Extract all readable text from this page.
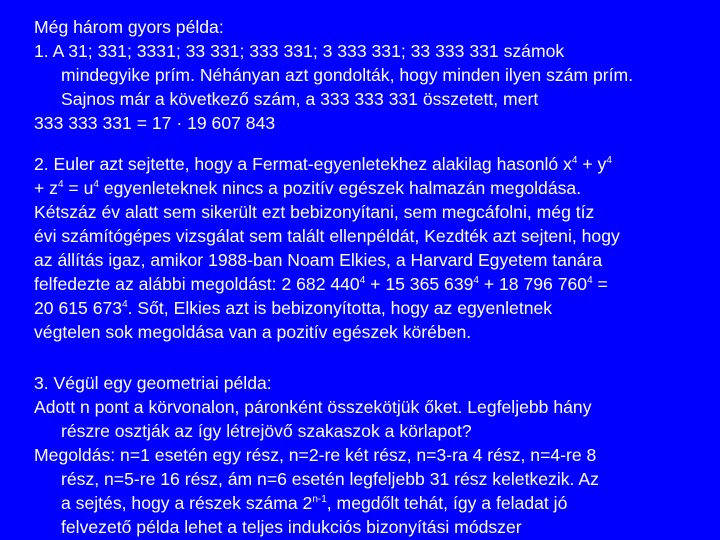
Még három gyors példa:
1. A 31; 331; 3331; 33 331; 333 331; 3 333 331; 33 333 331 számok
mindegyike prím. Néhányan azt gondolták, hogy minden ilyen szám prím.
Sajnos már a következő szám, a 333 333 331 összetett, mert
333 333 331 = 17 · 19 607 843
2. Euler azt sejtette, hogy a Fermat-egyenletekhez alakilag hasonló $x^4 + y^4$
+ $z^4 = u^4$ egyenleteknek nincs a pozitív egészek halmazán megoldása.
Kétszáz év alatt sem sikerült ezt bebizonyítani, sem megcáfolni, még tíz
évi számítógépes vizsgálat sem talált ellenpéldát, Kezdték azt sejteni, hogy
az állítás igaz, amikor 1988-ban Noam Elkies, a Harvard Egyetem tanára
felfedezte az alábbi megoldást: 2 682 $440^4 + 15$ 365 $639^4 + 18$ 796 $760^4$ =
20 615 $673^4$. Sőt, Elkies azt is bebizonyította, hogy az egyenletnek
végtelen sok megoldása van a pozitív egészek körében.
3. Végül egy geometriai példa:
Adott n pont a körvonalon, páronként összekötjük őket. Legfeljebb hány
részre osztják az így létrejövő szakaszok a körlapot?
Megoldás: n=1 esetén egy rész, n=2-re két rész, n=3-ra 4 rész, n=4-re 8
rész, n=5-re 16 rész, ám n=6 esetén legfeljebb 31 rész keletkezik. Az
a sejtés, hogy a részek száma 2$^{n-1}$, megdőlt tehát, így a feladat jó
felvezető példa lehet a teljes indukciós bizonyítási módszer
